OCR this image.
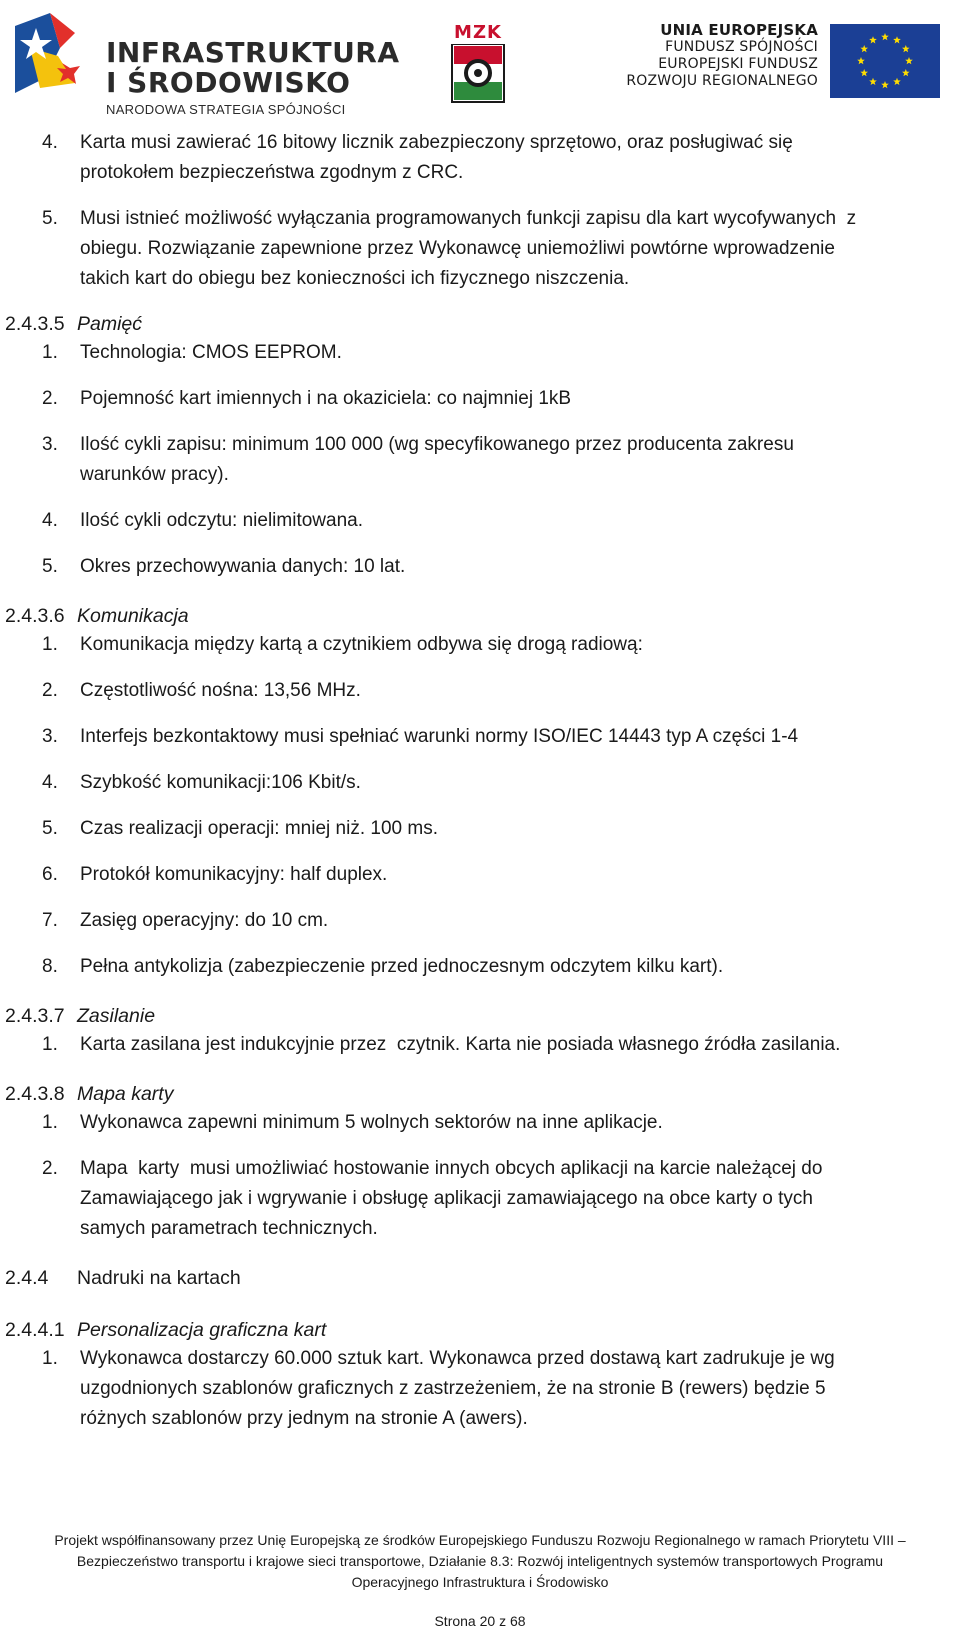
INFRASTRUKTURA
I ŚRODOWISKO
NARODOWA STRATEGIA SPÓJNOŚCI
MZK	UNIA EUROPEJSKA
FUNDUSZ SPÓJNOŚCI
EUROPEJSKI FUNDUSZ
ROZWOJU REGIONALNEGO
4.	Karta musi zawierać 16 bitowy licznik zabezpieczony sprzętowo, oraz posługiwać się
protokołem bezpieczeństwa zgodnym z CRC.
5.	Musi istnieć możliwość wyłączania programowanych funkcji zapisu dla kart wycofywanych  z
obiegu. Rozwiązanie zapewnione przez Wykonawcę uniemożliwi powtórne wprowadzenie
takich kart do obiegu bez konieczności ich fizycznego niszczenia.
2.4.3.5 Pamięć
1.	Technologia: CMOS EEPROM.
2.	Pojemność kart imiennych i na okaziciela: co najmniej 1kB
3.	Ilość cykli zapisu: minimum 100 000 (wg specyfikowanego przez producenta zakresu
warunków pracy).
4.	Ilość cykli odczytu: nielimitowana.
5.	Okres przechowywania danych: 10 lat.
2.4.3.6 Komunikacja
1.	Komunikacja między kartą a czytnikiem odbywa się drogą radiową:
2.	Częstotliwość nośna: 13,56 MHz.
3.	Interfejs bezkontaktowy musi spełniać warunki normy ISO/IEC 14443 typ A części 1-4
4.	Szybkość komunikacji:106 Kbit/s.
5.	Czas realizacji operacji: mniej niż. 100 ms.
6.	Protokół komunikacyjny: half duplex.
7.	Zasięg operacyjny: do 10 cm.
8.	Pełna antykolizja (zabezpieczenie przed jednoczesnym odczytem kilku kart).
2.4.3.7 Zasilanie
1.	Karta zasilana jest indukcyjnie przez  czytnik. Karta nie posiada własnego źródła zasilania.
2.4.3.8 Mapa karty
1.	Wykonawca zapewni minimum 5 wolnych sektorów na inne aplikacje.
2.	Mapa  karty  musi umożliwiać hostowanie innych obcych aplikacji na karcie należącej do
Zamawiającego jak i wgrywanie i obsługę aplikacji zamawiającego na obce karty o tych
samych parametrach technicznych.
2.4.4 Nadruki na kartach
2.4.4.1 Personalizacja graficzna kart
1.	Wykonawca dostarczy 60.000 sztuk kart. Wykonawca przed dostawą kart zadrukuje je wg
uzgodnionych szablonów graficznych z zastrzeżeniem, że na stronie B (rewers) będzie 5
różnych szablonów przy jednym na stronie A (awers).
Projekt współfinansowany przez Unię Europejską ze środków Europejskiego Funduszu Rozwoju Regionalnego w ramach Priorytetu VIII –
Bezpieczeństwo transportu i krajowe sieci transportowe, Działanie 8.3: Rozwój inteligentnych systemów transportowych Programu
Operacyjnego Infrastruktura i Środowisko
Strona 20 z 68
